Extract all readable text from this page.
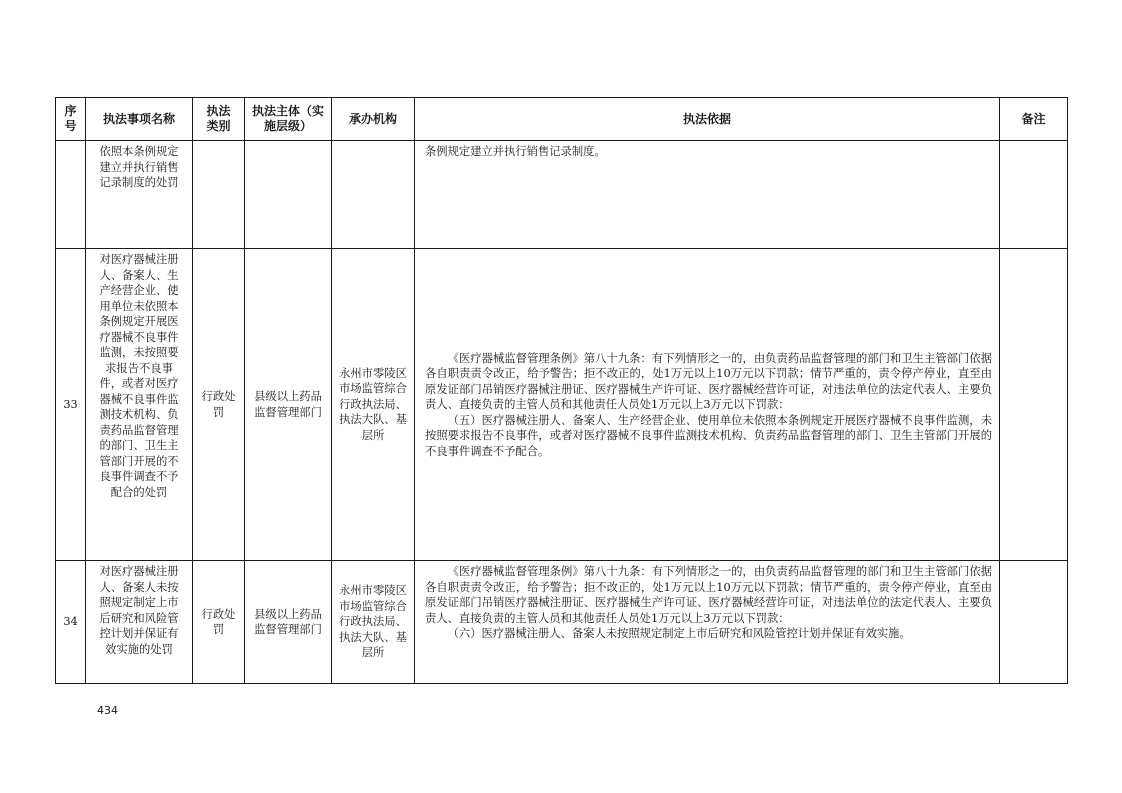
序号	执法事项名称	执法类别	执法主体（实施层级）	承办机构	执法依据	备注
	依照本条例规定建立并执行销售记录制度的处罚				条例规定建立并执行销售记录制度。	

33	对医疗器械注册人、备案人、生产经营企业、使用单位未依照本条例规定开展医疗器械不良事件监测，未按照要求报告不良事件，或者对医疗器械不良事件监测技术机构、负责药品监督管理的部门、卫生主管部门开展的不良事件调查不予配合的处罚	行政处罚	县级以上药品监督管理部门	永州市零陵区市场监管综合行政执法局、执法大队、基层所	《医疗器械监督管理条例》第八十九条：有下列情形之一的，由负责药品监督管理的部门和卫生主管部门依据各自职责责令改正，给予警告；拒不改正的，处1万元以上10万元以下罚款；情节严重的，责令停产停业，直至由原发证部门吊销医疗器械注册证、医疗器械生产许可证、医疗器械经营许可证，对违法单位的法定代表人、主要负责人、直接负责的主管人员和其他责任人员处1万元以上3万元以下罚款：
（五）医疗器械注册人、备案人、生产经营企业、使用单位未依照本条例规定开展医疗器械不良事件监测，未按照要求报告不良事件，或者对医疗器械不良事件监测技术机构、负责药品监督管理的部门、卫生主管部门开展的不良事件调查不予配合。	

34	对医疗器械注册人、备案人未按照规定制定上市后研究和风险管控计划并保证有效实施的处罚	行政处罚	县级以上药品监督管理部门	永州市零陵区市场监管综合行政执法局、执法大队、基层所	《医疗器械监督管理条例》第八十九条：有下列情形之一的，由负责药品监督管理的部门和卫生主管部门依据各自职责责令改正，给予警告；拒不改正的，处1万元以上10万元以下罚款；情节严重的，责令停产停业，直至由原发证部门吊销医疗器械注册证、医疗器械生产许可证、医疗器械经营许可证，对违法单位的法定代表人、主要负责人、直接负责的主管人员和其他责任人员处1万元以上3万元以下罚款：
（六）医疗器械注册人、备案人未按照规定制定上市后研究和风险管控计划并保证有效实施。	

434
